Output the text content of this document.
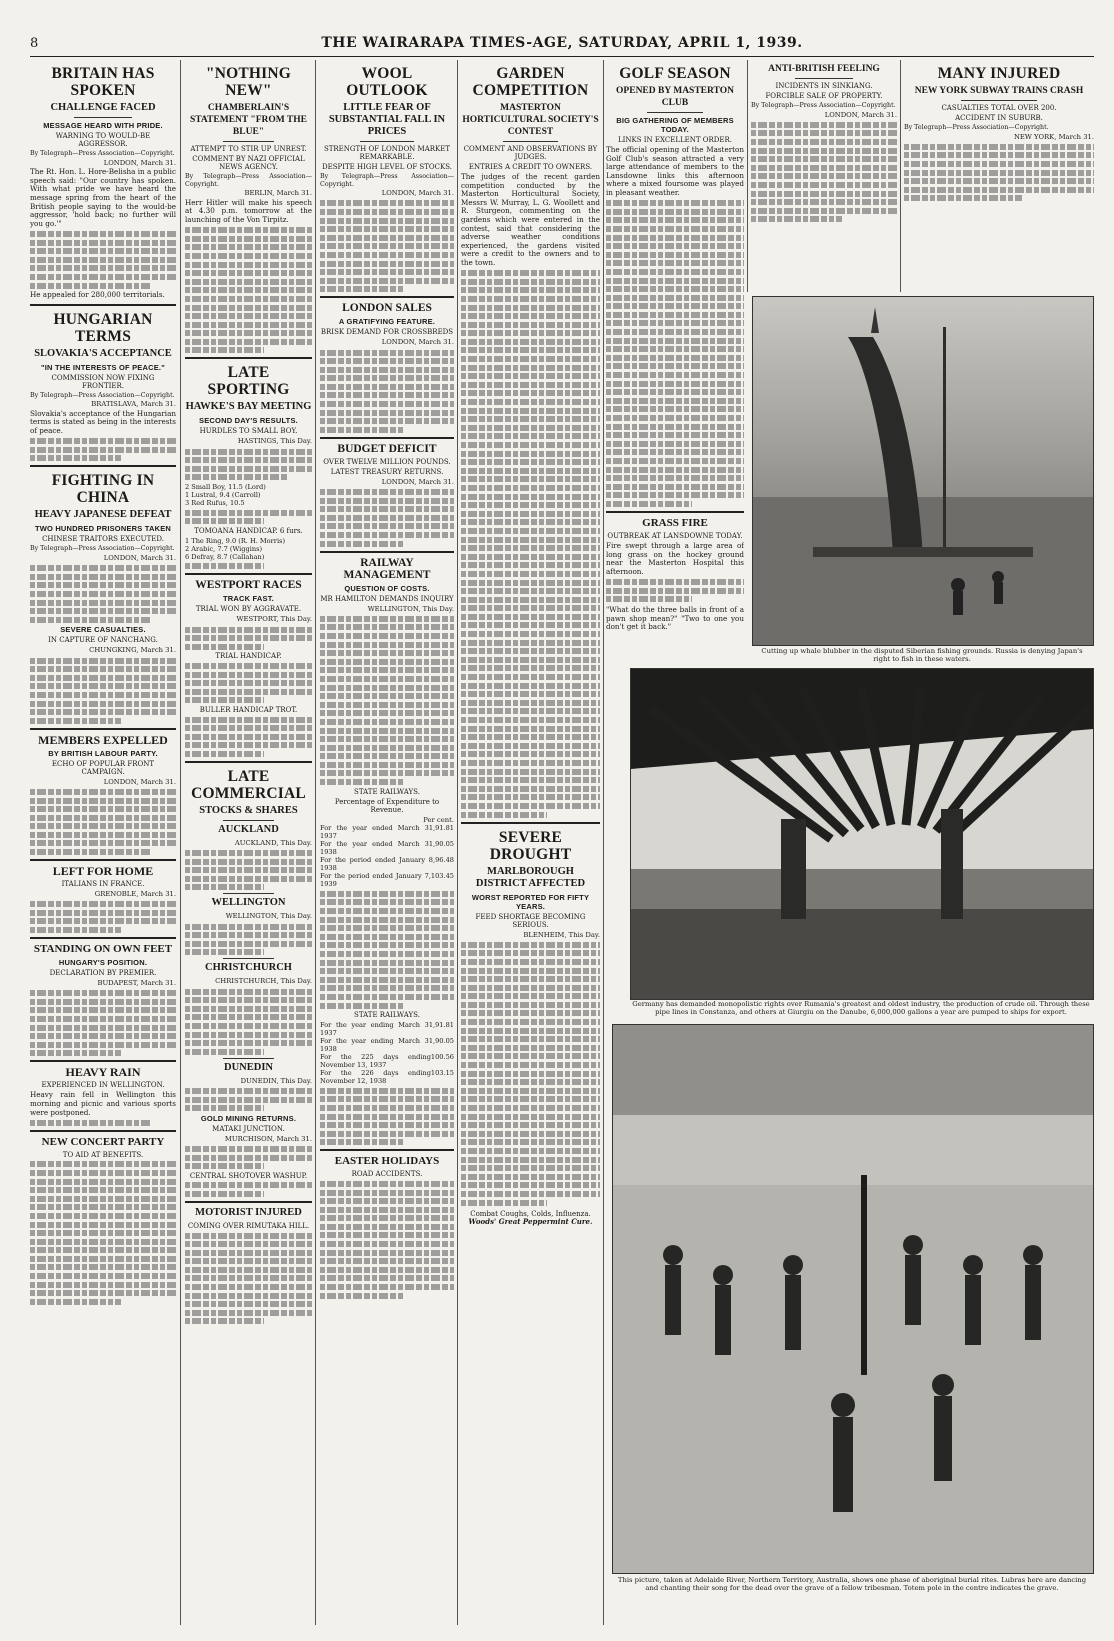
8	THE WAIRARAPA TIMES-AGE, SATURDAY, APRIL 1, 1939.
BRITAIN HAS SPOKEN
CHALLENGE FACED
MESSAGE HEARD WITH PRIDE.
WARNING TO WOULD-BE AGGRESSOR.
By Telegraph—Press Association—Copyright.
LONDON, March 31.
The Rt. Hon. L. Hore-Belisha in a public speech said: "Our country has spoken. With what pride we have heard the message spring from the heart of the British people saying to the would-be aggressor, 'hold back; no further will you go.'"
He appealed for 280,000 territorials.
HUNGARIAN TERMS
SLOVAKIA'S ACCEPTANCE
"IN THE INTERESTS OF PEACE."
COMMISSION NOW FIXING FRONTIER.
By Telegraph—Press Association—Copyright.
BRATISLAVA, March 31.
Slovakia's acceptance of the Hungarian terms is stated as being in the interests of peace.
FIGHTING IN CHINA
HEAVY JAPANESE DEFEAT
TWO HUNDRED PRISONERS TAKEN
CHINESE TRAITORS EXECUTED.
By Telegraph—Press Association—Copyright.
LONDON, March 31.
SEVERE CASUALTIES.
IN CAPTURE OF NANCHANG.
CHUNGKING, March 31.
MEMBERS EXPELLED
BY BRITISH LABOUR PARTY.
ECHO OF POPULAR FRONT CAMPAIGN.
LONDON, March 31.
LEFT FOR HOME
ITALIANS IN FRANCE.
GRENOBLE, March 31.
STANDING ON OWN FEET
HUNGARY'S POSITION.
DECLARATION BY PREMIER.
BUDAPEST, March 31.
HEAVY RAIN
EXPERIENCED IN WELLINGTON.
Heavy rain fell in Wellington this morning and picnic and various sports were postponed.
NEW CONCERT PARTY
TO AID AT BENEFITS.
"NOTHING NEW"
CHAMBERLAIN'S STATEMENT "FROM THE BLUE"
ATTEMPT TO STIR UP UNREST.
COMMENT BY NAZI OFFICIAL NEWS AGENCY.
By Telegraph—Press Association—Copyright.
BERLIN, March 31.
Herr Hitler will make his speech at 4.30 p.m. tomorrow at the launching of the Von Tirpitz.
LATE SPORTING
HAWKE'S BAY MEETING
SECOND DAY'S RESULTS.
HURDLES TO SMALL BOY.
HASTINGS, This Day.
2 Small Boy, 11.5 (Lord)
1 Lustral, 9.4 (Carroll)
3 Red Rufus, 10.5
TOMOANA HANDICAP. 6 furs.
1 The Ring, 9.0 (R. H. Morris)
2 Arabic, 7.7 (Wiggins)
6 Defray, 8.7 (Callahan)
WESTPORT RACES
TRACK FAST.
TRIAL WON BY AGGRAVATE.
WESTPORT, This Day.
TRIAL HANDICAP.
BULLER HANDICAP TROT.
LATE COMMERCIAL
STOCKS & SHARES
AUCKLAND
AUCKLAND, This Day.
WELLINGTON
WELLINGTON, This Day.
CHRISTCHURCH
CHRISTCHURCH, This Day.
DUNEDIN
DUNEDIN, This Day.
GOLD MINING RETURNS.
MATAKI JUNCTION.
MURCHISON, March 31.
CENTRAL SHOTOVER WASHUP.
MOTORIST INJURED
COMING OVER RIMUTAKA HILL.
WOOL OUTLOOK
LITTLE FEAR OF SUBSTANTIAL FALL IN PRICES
STRENGTH OF LONDON MARKET REMARKABLE.
DESPITE HIGH LEVEL OF STOCKS.
By Telegraph—Press Association—Copyright.
LONDON, March 31.
LONDON SALES
A GRATIFYING FEATURE.
BRISK DEMAND FOR CROSSBREDS
LONDON, March 31.
BUDGET DEFICIT
OVER TWELVE MILLION POUNDS.
LATEST TREASURY RETURNS.
LONDON, March 31.
RAILWAY MANAGEMENT
QUESTION OF COSTS.
MR HAMILTON DEMANDS INQUIRY
WELLINGTON, This Day.
STATE RAILWAYS.
Percentage of Expenditure to Revenue.
Per cent.
For the year ended March 31, 1937
91.81
For the year ended March 31, 1938
90.05
For the period ended January 8, 1938
96.48
For the period ended January 7, 1939
103.45
STATE RAILWAYS.
For the year ending March 31, 1937
91.81
For the year ending March 31, 1938
90.05
For the 225 days ending November 13, 1937
100.56
For the 226 days ending November 12, 1938
103.15
EASTER HOLIDAYS
ROAD ACCIDENTS.
GARDEN COMPETITION
MASTERTON HORTICULTURAL SOCIETY'S CONTEST
COMMENT AND OBSERVATIONS BY JUDGES.
ENTRIES A CREDIT TO OWNERS.
The judges of the recent garden competition conducted by the Masterton Horticultural Society, Messrs W. Murray, L. G. Woollett and R. Sturgeon, commenting on the gardens which were entered in the contest, said that considering the adverse weather conditions experienced, the gardens visited were a credit to the owners and to the town.
SEVERE DROUGHT
MARLBOROUGH DISTRICT AFFECTED
WORST REPORTED FOR FIFTY YEARS.
FEED SHORTAGE BECOMING SERIOUS.
BLENHEIM, This Day.
Combat Coughs, Colds, Influenza.
Woods' Great Peppermint Cure.
GOLF SEASON
OPENED BY MASTERTON CLUB
BIG GATHERING OF MEMBERS TODAY.
LINKS IN EXCELLENT ORDER.
The official opening of the Masterton Golf Club's season attracted a very large attendance of members to the Lansdowne links this afternoon where a mixed foursome was played in pleasant weather.
GRASS FIRE
OUTBREAK AT LANSDOWNE TODAY.
Fire swept through a large area of long grass on the hockey ground near the Masterton Hospital this afternoon.
"What do the three balls in front of a pawn shop mean?" "Two to one you don't get it back."
ANTI-BRITISH FEELING
INCIDENTS IN SINKIANG.
FORCIBLE SALE OF PROPERTY.
By Telegraph—Press Association—Copyright.
LONDON, March 31.
MANY INJURED
NEW YORK SUBWAY TRAINS CRASH
CASUALTIES TOTAL OVER 200.
ACCIDENT IN SUBURB.
By Telegraph—Press Association—Copyright.
NEW YORK, March 31.
Cutting up whale blubber in the disputed Siberian fishing grounds. Russia is denying Japan's right to fish in these waters.
Germany has demanded monopolistic rights over Rumania's greatest and oldest industry, the production of crude oil. Through these pipe lines in Constanza, and others at Giurgiu on the Danube, 6,000,000 gallons a year are pumped to ships for export.
This picture, taken at Adelaide River, Northern Territory, Australia, shows one phase of aboriginal burial rites. Lubras here are dancing and chanting their song for the dead over the grave of a fellow tribesman. Totem pole in the centre indicates the grave.
